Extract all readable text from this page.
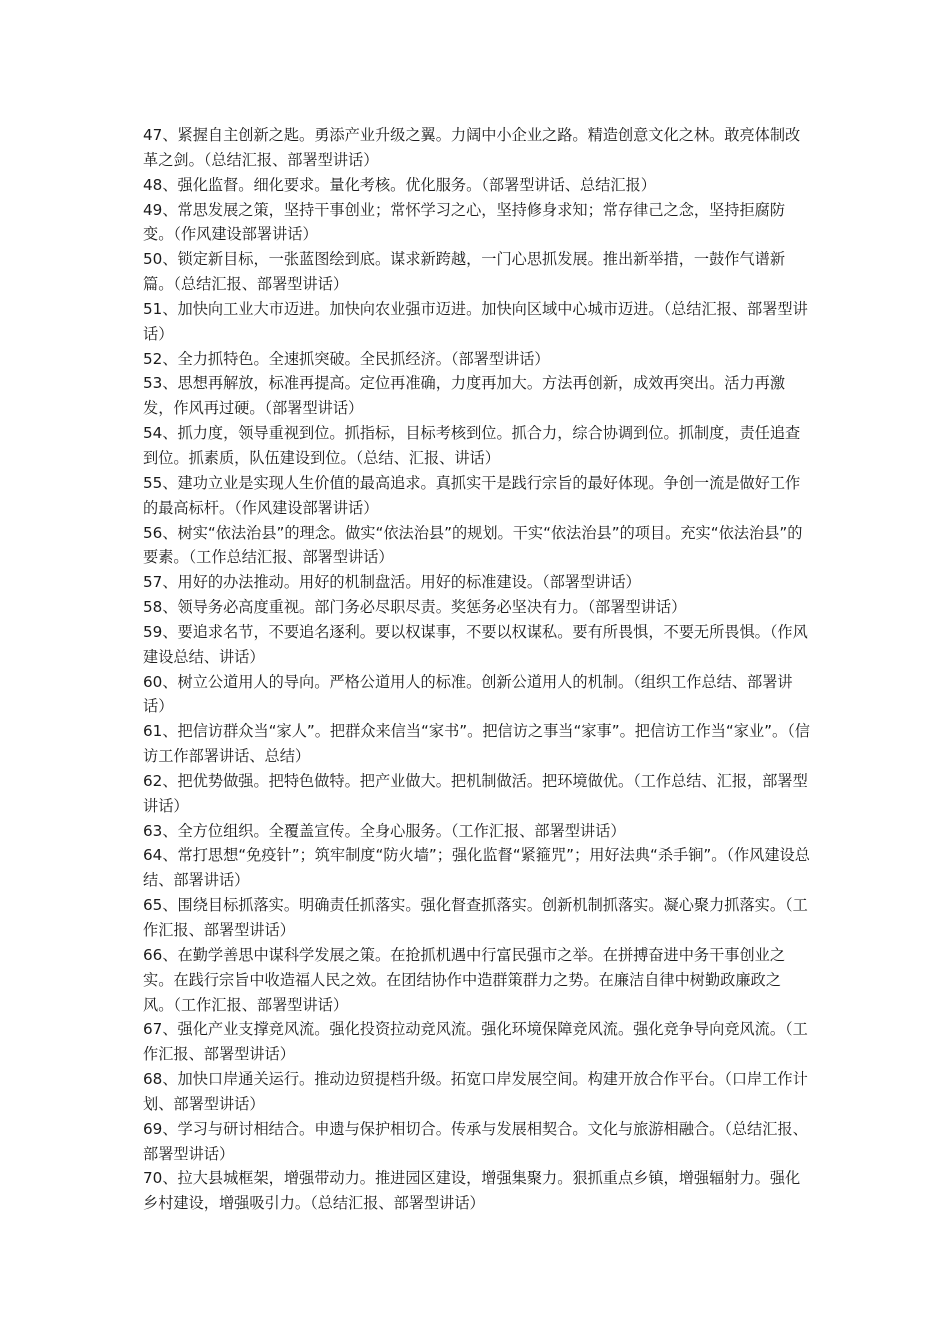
47、紧握自主创新之匙。勇添产业升级之翼。力阔中小企业之路。精造创意文化之林。敢亮体制改革之剑。（总结汇报、部署型讲话）

48、强化监督。细化要求。量化考核。优化服务。（部署型讲话、总结汇报）

49、常思发展之策，坚持干事创业；常怀学习之心，坚持修身求知；常存律己之念，坚持拒腐防变。（作风建设部署讲话）

50、锁定新目标，一张蓝图绘到底。谋求新跨越，一门心思抓发展。推出新举措，一鼓作气谱新篇。（总结汇报、部署型讲话）

51、加快向工业大市迈进。加快向农业强市迈进。加快向区域中心城市迈进。（总结汇报、部署型讲话）

52、全力抓特色。全速抓突破。全民抓经济。（部署型讲话）

53、思想再解放，标准再提高。定位再准确，力度再加大。方法再创新，成效再突出。活力再激发，作风再过硬。（部署型讲话）

54、抓力度，领导重视到位。抓指标，目标考核到位。抓合力，综合协调到位。抓制度，责任追查到位。抓素质，队伍建设到位。（总结、汇报、讲话）

55、建功立业是实现人生价值的最高追求。真抓实干是践行宗旨的最好体现。争创一流是做好工作的最高标杆。（作风建设部署讲话）

56、树实“依法治县”的理念。做实“依法治县”的规划。干实“依法治县”的项目。充实“依法治县”的要素。（工作总结汇报、部署型讲话）

57、用好的办法推动。用好的机制盘活。用好的标准建设。（部署型讲话）

58、领导务必高度重视。部门务必尽职尽责。奖惩务必坚决有力。（部署型讲话）

59、要追求名节，不要追名逐利。要以权谋事，不要以权谋私。要有所畏惧，不要无所畏惧。（作风建设总结、讲话）

60、树立公道用人的导向。严格公道用人的标准。创新公道用人的机制。（组织工作总结、部署讲话）

61、把信访群众当“家人”。把群众来信当“家书”。把信访之事当“家事”。把信访工作当“家业”。（信访工作部署讲话、总结）

62、把优势做强。把特色做特。把产业做大。把机制做活。把环境做优。（工作总结、汇报，部署型讲话）

63、全方位组织。全覆盖宣传。全身心服务。（工作汇报、部署型讲话）

64、常打思想“免疫针”；筑牢制度“防火墙”；强化监督“紧箍咒”；用好法典“杀手锏”。（作风建设总结、部署讲话）

65、围绕目标抓落实。明确责任抓落实。强化督查抓落实。创新机制抓落实。凝心聚力抓落实。（工作汇报、部署型讲话）

66、在勤学善思中谋科学发展之策。在抢抓机遇中行富民强市之举。在拼搏奋进中务干事创业之实。在践行宗旨中收造福人民之效。在团结协作中造群策群力之势。在廉洁自律中树勤政廉政之风。（工作汇报、部署型讲话）

67、强化产业支撑竞风流。强化投资拉动竞风流。强化环境保障竞风流。强化竞争导向竞风流。（工作汇报、部署型讲话）

68、加快口岸通关运行。推动边贸提档升级。拓宽口岸发展空间。构建开放合作平台。（口岸工作计划、部署型讲话）

69、学习与研讨相结合。申遗与保护相切合。传承与发展相契合。文化与旅游相融合。（总结汇报、部署型讲话）

70、拉大县城框架，增强带动力。推进园区建设，增强集聚力。狠抓重点乡镇，增强辐射力。强化乡村建设，增强吸引力。（总结汇报、部署型讲话）
